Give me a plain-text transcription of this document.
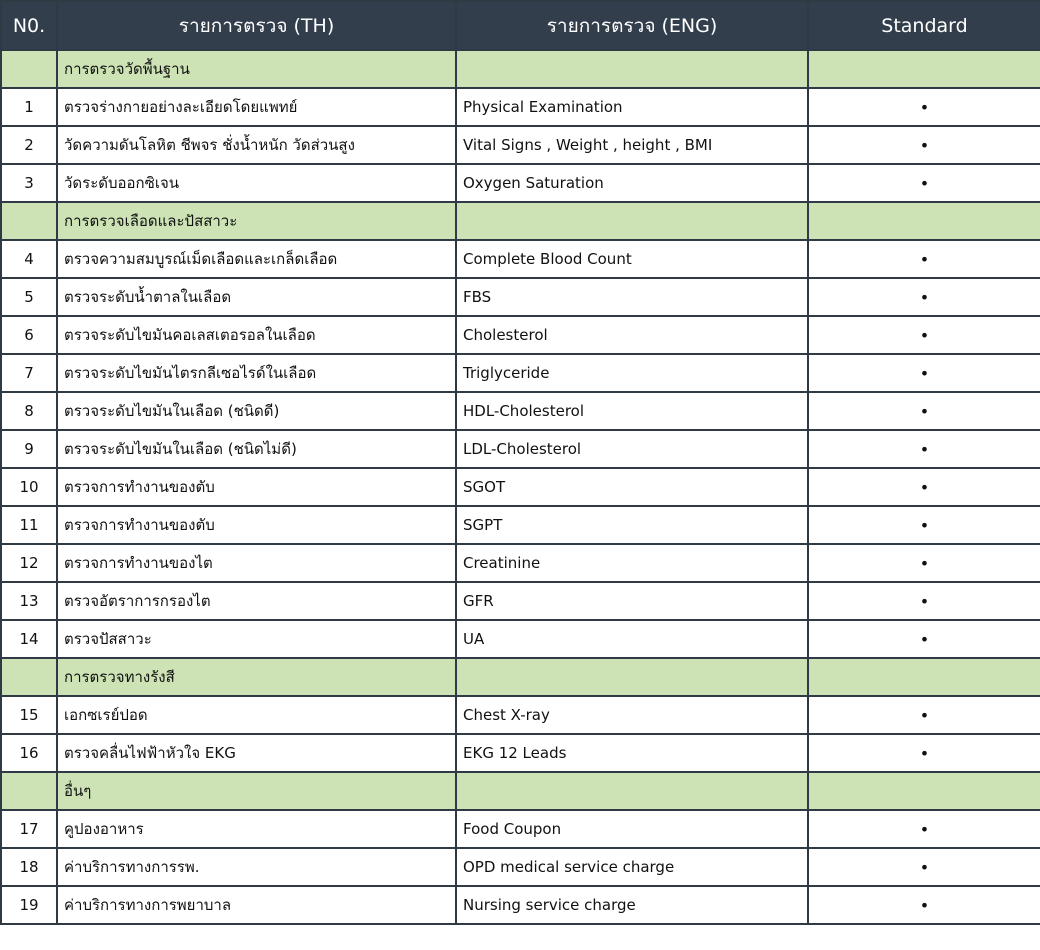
N0.	รายการตรวจ (TH)	รายการตรวจ (ENG)	Standard
	การตรวจวัดพื้นฐาน		
1	ตรวจร่างกายอย่างละเอียดโดยแพทย์	Physical Examination	•
2	วัดความดันโลหิต ชีพจร ชั่งน้ำหนัก วัดส่วนสูง	Vital Signs , Weight , height , BMI	•
3	วัดระดับออกซิเจน	Oxygen Saturation	•
	การตรวจเลือดและปัสสาวะ		
4	ตรวจความสมบูรณ์เม็ดเลือดและเกล็ดเลือด	Complete Blood Count	•
5	ตรวจระดับน้ำตาลในเลือด	FBS	•
6	ตรวจระดับไขมันคอเลสเตอรอลในเลือด	Cholesterol	•
7	ตรวจระดับไขมันไตรกลีเซอไรด์ในเลือด	Triglyceride	•
8	ตรวจระดับไขมันในเลือด (ชนิดดี)	HDL-Cholesterol	•
9	ตรวจระดับไขมันในเลือด (ชนิดไม่ดี)	LDL-Cholesterol	•
10	ตรวจการทำงานของตับ	SGOT	•
11	ตรวจการทำงานของตับ	SGPT	•
12	ตรวจการทำงานของไต	Creatinine	•
13	ตรวจอัตราการกรองไต	GFR	•
14	ตรวจปัสสาวะ	UA	•
	การตรวจทางรังสี		
15	เอกซเรย์ปอด	Chest X-ray	•
16	ตรวจคลื่นไฟฟ้าหัวใจ EKG	EKG 12 Leads	•
	อื่นๆ		
17	คูปองอาหาร	Food Coupon	•
18	ค่าบริการทางการรพ.	OPD medical service charge	•
19	ค่าบริการทางการพยาบาล	Nursing service charge	•
